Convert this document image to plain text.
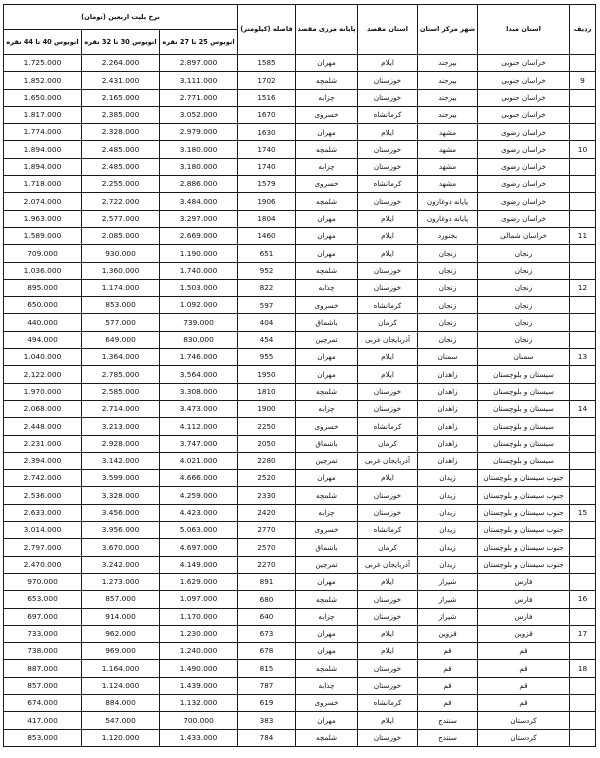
ردیف	استان مبدا	شهر مرکز استان	استان مقصد	پایانه مرزی مقصد	فاصله (کیلومتر)	نرخ بلیت اربعین (تومان)		
						اتوبوس 25 تا 27 نفره	اتوبوس 30 تا 32 نفره	اتوبوس 40 تا 44 نفره
	خراسان جنوبی	بیرجند	ایلام	مهران	1585	2.897.000	2.264.000	1.725.000
9	خراسان جنوبی	بیرجند	خوزستان	شلمچه	1702	3.111.000	2.431.000	1.852.000
	خراسان جنوبی	بیرجند	خوزستان	چزابه	1516	2.771.000	2.165.000	1.650.000
	خراسان جنوبی	بیرجند	کرمانشاه	خسروی	1670	3.052.000	2.385.000	1.817.000
	خراسان رضوی	مشهد	ایلام	مهران	1630	2.979.000	2.328.000	1.774.000
10	خراسان رضوی	مشهد	خوزستان	شلمچه	1740	3.180.000	2.485.000	1.894.000
	خراسان رضوی	مشهد	خوزستان	چزابه	1740	3.180.000	2.485.000	1.894.000
	خراسان رضوی	مشهد	کرمانشاه	خسروی	1579	2.886.000	2.255.000	1.718.000
	خراسان رضوی	پایانه دوغارون	خوزستان	شلمچه	1906	3.484.000	2.722.000	2.074.000
	خراسان رضوی	پایانه دوغارون	ایلام	مهران	1804	3.297.000	2.577.000	1.963.000
11	خراسان شمالی	بجنورد	ایلام	مهران	1460	2.669.000	2.085.000	1.589.000
	زنجان	زنجان	ایلام	مهران	651	1.190.000	930.000	709.000
	زنجان	زنجان	خوزستان	شلمچه	952	1.740.000	1.360.000	1.036.000
12	زنجان	زنجان	خوزستان	چذابه	822	1.503.000	1.174.000	895.000
	زنجان	زنجان	کرمانشاه	خسروی	597	1.092.000	853.000	650.000
	زنجان	زنجان	کرمان	باشماق	404	739.000	577.000	440.000
	زنجان	زنجان	آذربایجان غربی	تمرچین	454	830.000	649.000	494.000
13	سمنان	سمنان	ایلام	مهران	955	1.746.000	1.364.000	1.040.000
	سیستان و بلوچستان	زاهدان	ایلام	مهران	1950	3.564.000	2.785.000	2.122.000
	سیستان و بلوچستان	زاهدان	خوزستان	شلمچه	1810	3.308.000	2.585.000	1.970.000
14	سیستان و بلوچستان	زاهدان	خوزستان	چزابه	1900	3.473.000	2.714.000	2.068.000
	سیستان و بلوچستان	زاهدان	کرمانشاه	خسروی	2250	4.112.000	3.213.000	2.448.000
	سیستان و بلوچستان	زاهدان	کرمان	باشماق	2050	3.747.000	2.928.000	2.231.000
	سیستان و بلوچستان	زاهدان	آذربایجان غربی	تمرچین	2280	4.021.000	3.142.000	2.394.000
	جنوب سیستان و بلوچستان	زیدان	ایلام	مهران	2520	4.666.000	3.599.000	2.742.000
	جنوب سیستان و بلوچستان	زیدان	خوزستان	شلمچه	2330	4.259.000	3.328.000	2.536.000
15	جنوب سیستان و بلوچستان	زیدان	خوزستان	چزابه	2420	4.423.000	3.456.000	2.633.000
	جنوب سیستان و بلوچستان	زیدان	کرمانشاه	خسروی	2770	5.063.000	3.956.000	3.014.000
	جنوب سیستان و بلوچستان	زیدان	کرمان	باشماق	2570	4.697.000	3.670.000	2.797.000
	جنوب سیستان و بلوچستان	زیدان	آذربایجان غربی	تمرچین	2270	4.149.000	3.242.000	2.470.000
	فارس	شیراز	ایلام	مهران	891	1.629.000	1.273.000	970.000
16	فارس	شیراز	خوزستان	شلمچه	680	1.097.000	857.000	653.000
	فارس	شیراز	خوزستان	چزابه	640	1.170.000	914.000	697.000
17	قزوین	قزوین	ایلام	مهران	673	1.230.000	962.000	733.000
	قم	قم	ایلام	مهران	678	1.240.000	969.000	738.000
18	قم	قم	خوزستان	شلمچه	815	1.490.000	1.164.000	887.000
	قم	قم	خوزستان	چذابه	787	1.439.000	1.124.000	857.000
	قم	قم	کرمانشاه	خسروی	619	1.132.000	884.000	674.000
	کردستان	سنندج	ایلام	مهران	383	700.000	547.000	417.000
	کردستان	سنندج	خوزستان	شلمچه	784	1.433.000	1.120.000	853.000
